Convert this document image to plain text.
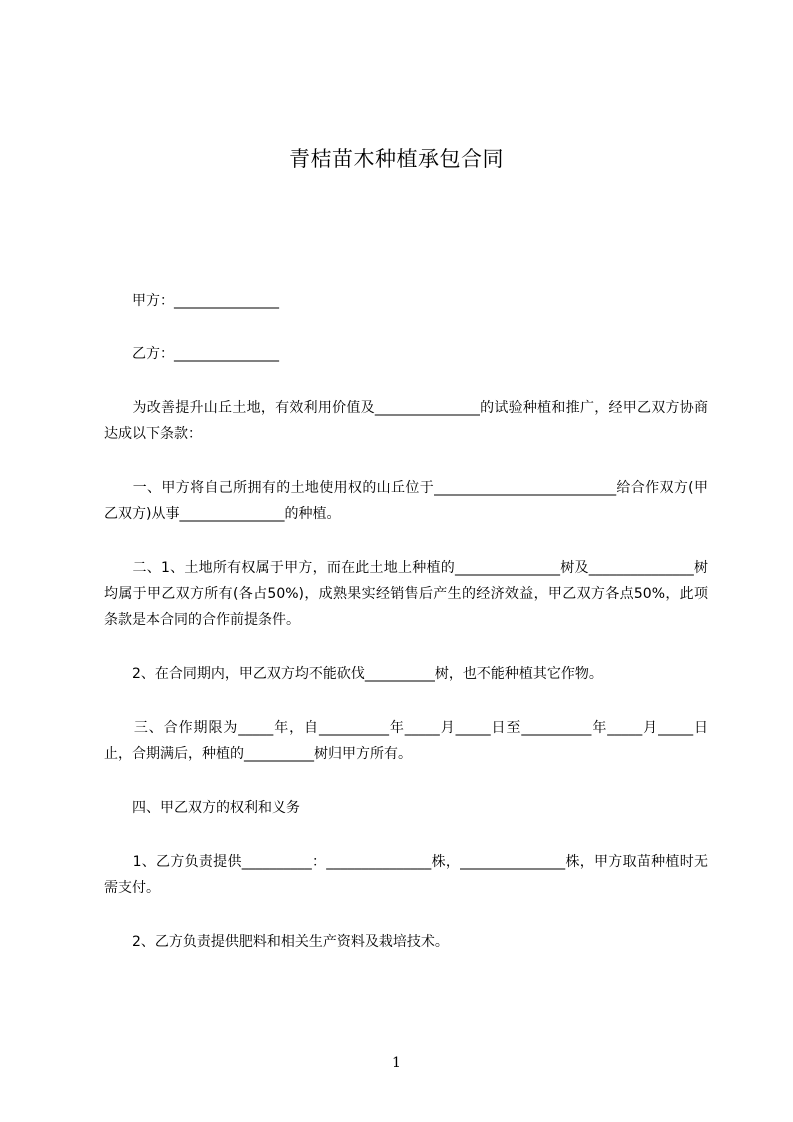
青桔苗木种植承包合同

　　甲方：_______________

　　乙方：_______________

　　为改善提升山丘土地，有效利用价值及_______________的试验种植和推广，经甲乙双方协商达成以下条款：

　　一、甲方将自己所拥有的土地使用权的山丘位于__________________________给合作双方(甲乙双方)从事_______________的种植。

　　二、1、土地所有权属于甲方，而在此土地上种植的_______________树及_______________树均属于甲乙双方所有(各占50%)，成熟果实经销售后产生的经济效益，甲乙双方各点50%，此项条款是本合同的合作前提条件。

　　2、在合同期内，甲乙双方均不能砍伐__________树，也不能种植其它作物。

　　三、合作期限为_____年，自__________年_____月_____日至__________年_____月_____日止，合期满后，种植的__________树归甲方所有。

　　四、甲乙双方的权利和义务

　　1、乙方负责提供__________：_______________株，_______________株，甲方取苗种植时无需支付。

　　2、乙方负责提供肥料和相关生产资料及栽培技术。

1
